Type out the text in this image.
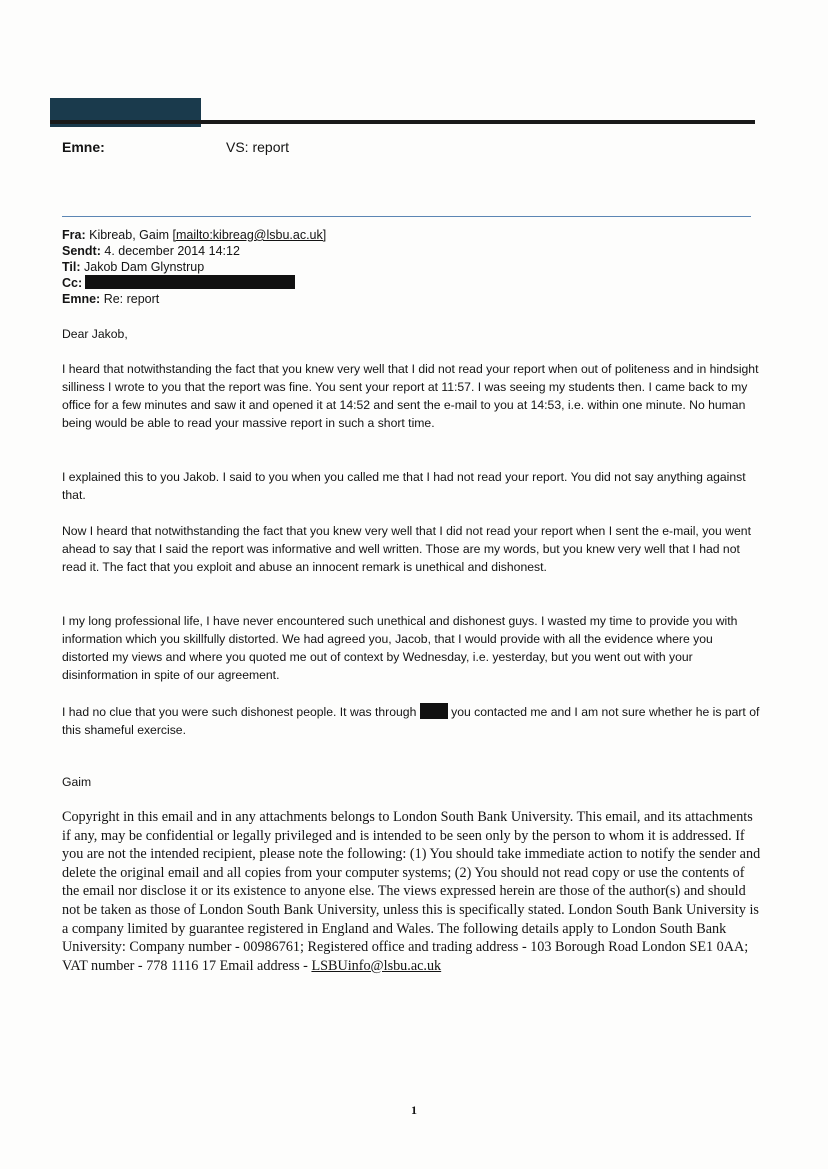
Emne:	VS: report
Fra: Kibreab, Gaim [mailto:kibreag@lsbu.ac.uk]
Sendt: 4. december 2014 14:12
Til: Jakob Dam Glynstrup
Cc:
Emne: Re: report

Dear Jakob,

I heard that notwithstanding the fact that you knew very well that I did not read your report when out of politeness and in hindsight silliness I wrote to you that the report was fine. You sent your report at 11:57. I was seeing my students then. I came back to my office for a few minutes and saw it and opened it at 14:52 and sent the e-mail to you at 14:53, i.e. within one minute. No human being would be able to read your massive report in such a short time.

I explained this to you Jakob. I said to you when you called me that I had not read your report. You did not say anything against that.

Now I heard that notwithstanding the fact that you knew very well that I did not read your report when I sent the e-mail, you went ahead to say that I said the report was informative and well written. Those are my words, but you knew very well that I had not read it. The fact that you exploit and abuse an innocent remark is unethical and dishonest.

I my long professional life, I have never encountered such unethical and dishonest guys. I wasted my time to provide you with information which you skillfully distorted. We had agreed you, Jacob, that I would provide with all the evidence where you distorted my views and where you quoted me out of context by Wednesday, i.e. yesterday, but you went out with your disinformation in spite of our agreement.

I had no clue that you were such dishonest people. It was through	you contacted me and I am not sure whether he is part of this shameful exercise.

Gaim

Copyright in this email and in any attachments belongs to London South Bank University. This email, and its attachments if any, may be confidential or legally privileged and is intended to be seen only by the person to whom it is addressed. If you are not the intended recipient, please note the following: (1) You should take immediate action to notify the sender and delete the original email and all copies from your computer systems; (2) You should not read copy or use the contents of the email nor disclose it or its existence to anyone else. The views expressed herein are those of the author(s) and should not be taken as those of London South Bank University, unless this is specifically stated. London South Bank University is a company limited by guarantee registered in England and Wales. The following details apply to London South Bank University: Company number - 00986761; Registered office and trading address - 103 Borough Road London SE1 0AA; VAT number - 778 1116 17 Email address - LSBUinfo@lsbu.ac.uk
1
